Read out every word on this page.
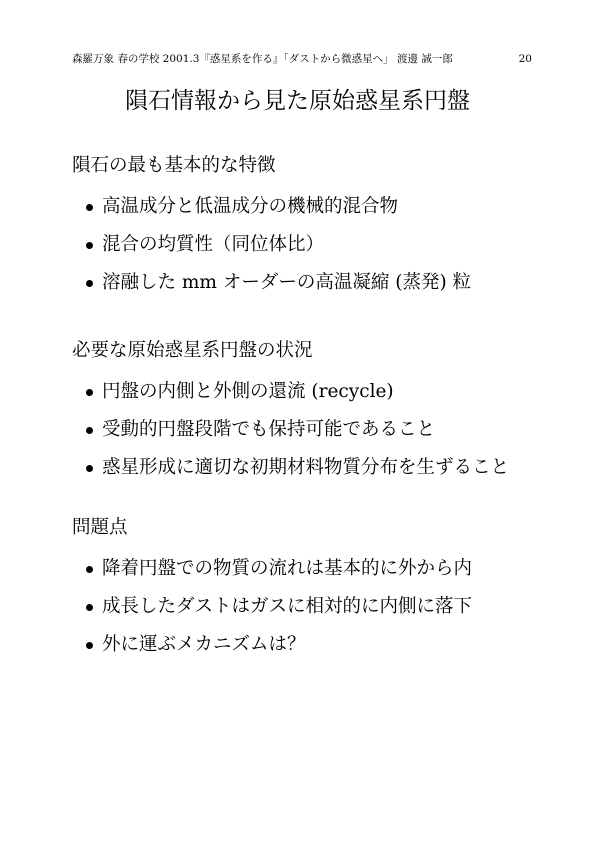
森羅万象 春の学校 2001.3『惑星系を作る』「ダストから微惑星へ」 渡邊 誠一郎	20
隕石情報から見た原始惑星系円盤
隕石の最も基本的な特徴
高温成分と低温成分の機械的混合物
混合の均質性（同位体比）
溶融した mm オーダーの高温凝縮 (蒸発) 粒
必要な原始惑星系円盤の状況
円盤の内側と外側の還流 (recycle)
受動的円盤段階でも保持可能であること
惑星形成に適切な初期材料物質分布を生ずること
問題点
降着円盤での物質の流れは基本的に外から内
成長したダストはガスに相対的に内側に落下
外に運ぶメカニズムは？
